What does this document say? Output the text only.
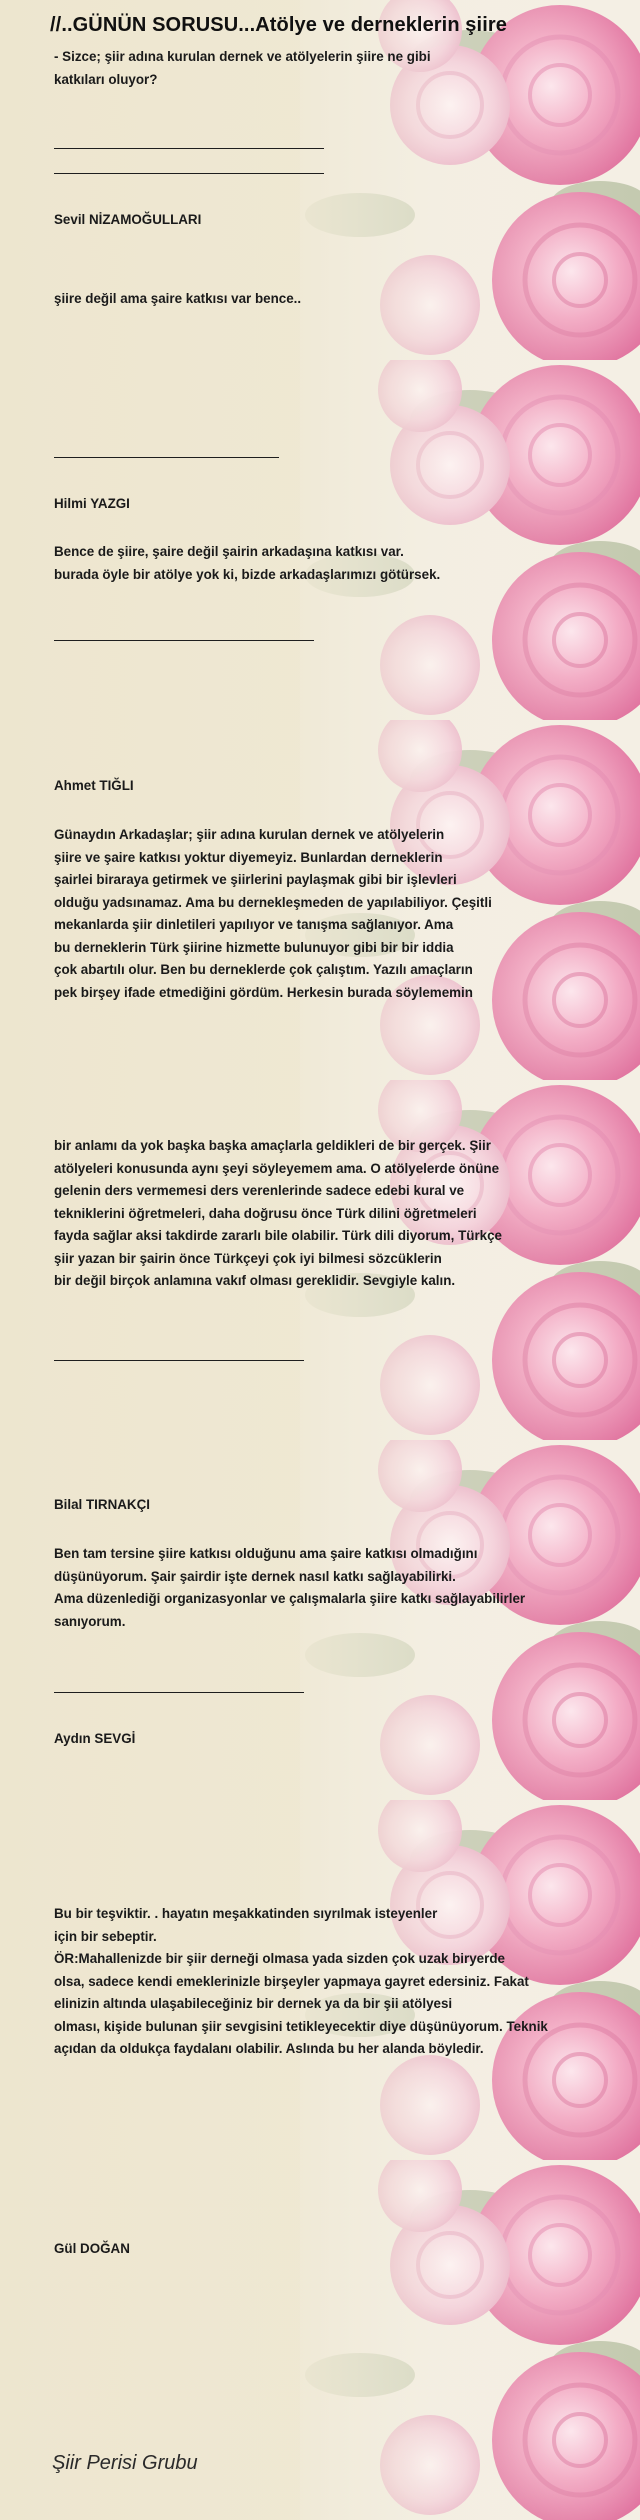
//..GÜNÜN SORUSU...Atölye ve derneklerin şiire
- Sizce; şiir adına kurulan dernek ve atölyelerin şiire ne gibi
katkıları oluyor?
Sevil NİZAMOĞULLARI
şiire değil ama şaire katkısı var bence..
Hilmi YAZGI
Bence de şiire, şaire değil şairin arkadaşına katkısı var.
burada öyle bir atölye yok ki, bizde arkadaşlarımızı götürsek.
Ahmet TIĞLI
Günaydın Arkadaşlar; şiir adına kurulan dernek ve atölyelerin
şiire ve şaire katkısı yoktur diyemeyiz. Bunlardan derneklerin
şairlei biraraya getirmek ve şiirlerini paylaşmak gibi bir işlevleri
olduğu yadsınamaz. Ama bu dernekleşmeden de yapılabiliyor. Çeşitli
mekanlarda şiir dinletileri yapılıyor ve tanışma sağlanıyor. Ama
bu derneklerin Türk şiirine hizmette bulunuyor gibi bir bir iddia
çok abartılı olur. Ben bu derneklerde çok çalıştım. Yazılı amaçların
pek birşey ifade etmediğini gördüm. Herkesin burada söylememin
bir anlamı da yok başka başka amaçlarla geldikleri de bir gerçek. Şiir
atölyeleri konusunda aynı şeyi söyleyemem ama. O atölyelerde önüne
gelenin ders vermemesi ders verenlerinde sadece edebi kural ve
tekniklerini öğretmeleri, daha doğrusu önce Türk dilini öğretmeleri
fayda sağlar aksi takdirde zararlı bile olabilir. Türk dili diyorum, Türkçe
şiir yazan bir şairin önce Türkçeyi çok iyi bilmesi sözcüklerin
bir değil birçok anlamına vakıf olması gereklidir. Sevgiyle kalın.
Bilal TIRNAKÇI
Ben tam tersine şiire katkısı olduğunu ama şaire katkısı olmadığını
düşünüyorum. Şair şairdir işte dernek nasıl katkı sağlayabilirki.
Ama düzenlediği organizasyonlar ve çalışmalarla şiire katkı sağlayabilirler
sanıyorum.
Aydın SEVGİ
Bu bir teşviktir. . hayatın meşakkatinden sıyrılmak isteyenler
için bir sebeptir.
ÖR:Mahallenizde bir şiir derneği olmasa yada sizden çok uzak biryerde
olsa, sadece kendi emeklerinizle birşeyler yapmaya gayret edersiniz. Fakat
elinizin altında ulaşabileceğiniz bir dernek ya da bir şii atölyesi
olması, kişide bulunan şiir sevgisini tetikleyecektir diye düşünüyorum. Teknik
açıdan da oldukça faydalanı olabilir. Aslında bu her alanda böyledir.
Gül DOĞAN
Şiir Perisi Grubu
